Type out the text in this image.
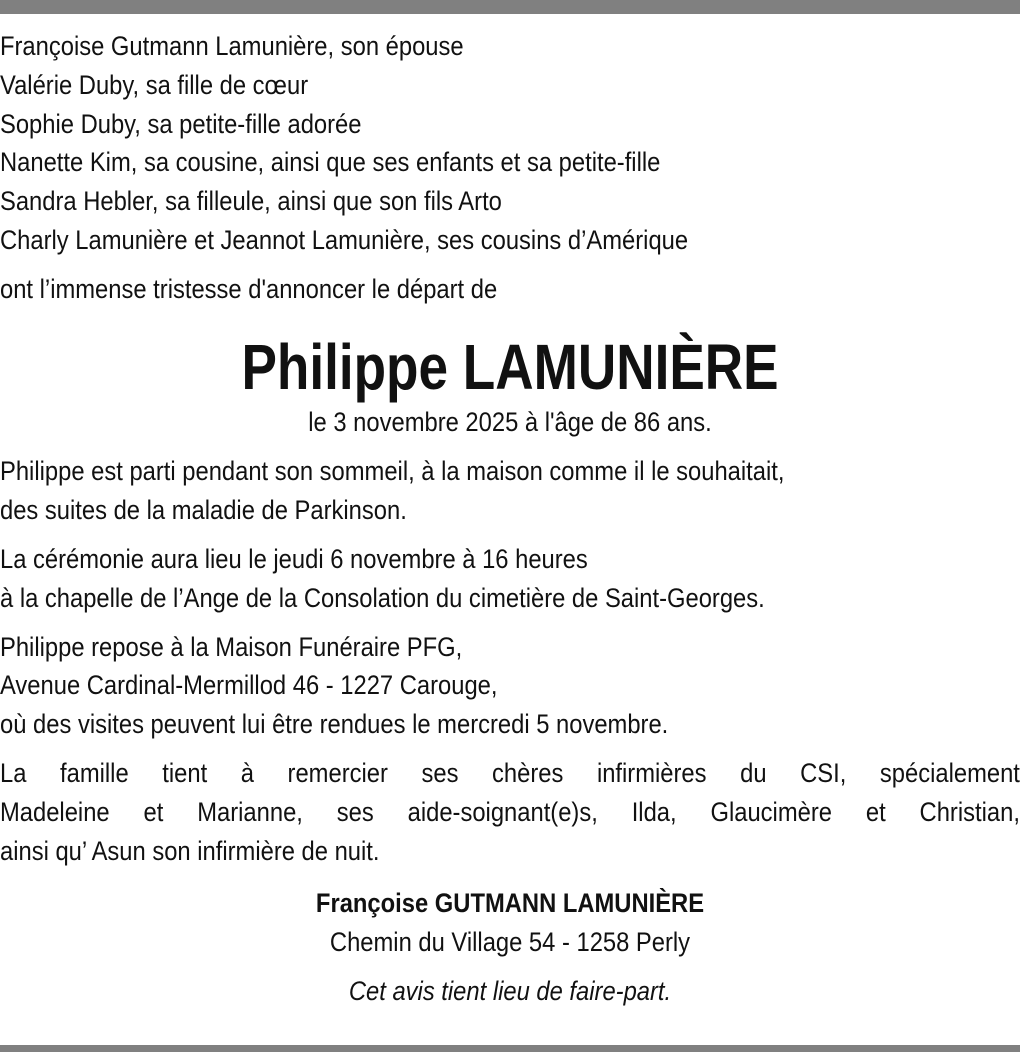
Françoise Gutmann Lamunière, son épouse
Valérie Duby, sa fille de cœur
Sophie Duby, sa petite-fille adorée
Nanette Kim, sa cousine, ainsi que ses enfants et sa petite-fille
Sandra Hebler, sa filleule, ainsi que son fils Arto
Charly Lamunière et Jeannot Lamunière, ses cousins d’Amérique
ont l’immense tristesse d'annoncer le départ de
Philippe LAMUNIÈRE
le 3 novembre 2025 à l'âge de 86 ans.
Philippe est parti pendant son sommeil, à la maison comme il le souhaitait,
des suites de la maladie de Parkinson.
La cérémonie aura lieu le jeudi 6 novembre à 16 heures
à la chapelle de l’Ange de la Consolation du cimetière de Saint-Georges.
Philippe repose à la Maison Funéraire PFG,
Avenue Cardinal-Mermillod 46 - 1227 Carouge,
où des visites peuvent lui être rendues le mercredi 5 novembre.
La famille tient à remercier ses chères infirmières du CSI, spécialement
Madeleine et Marianne, ses aide-soignant(e)s, Ilda, Glaucimère et Christian,
ainsi qu’ Asun son infirmière de nuit.
Françoise GUTMANN LAMUNIÈRE
Chemin du Village 54 - 1258 Perly
Cet avis tient lieu de faire-part.
